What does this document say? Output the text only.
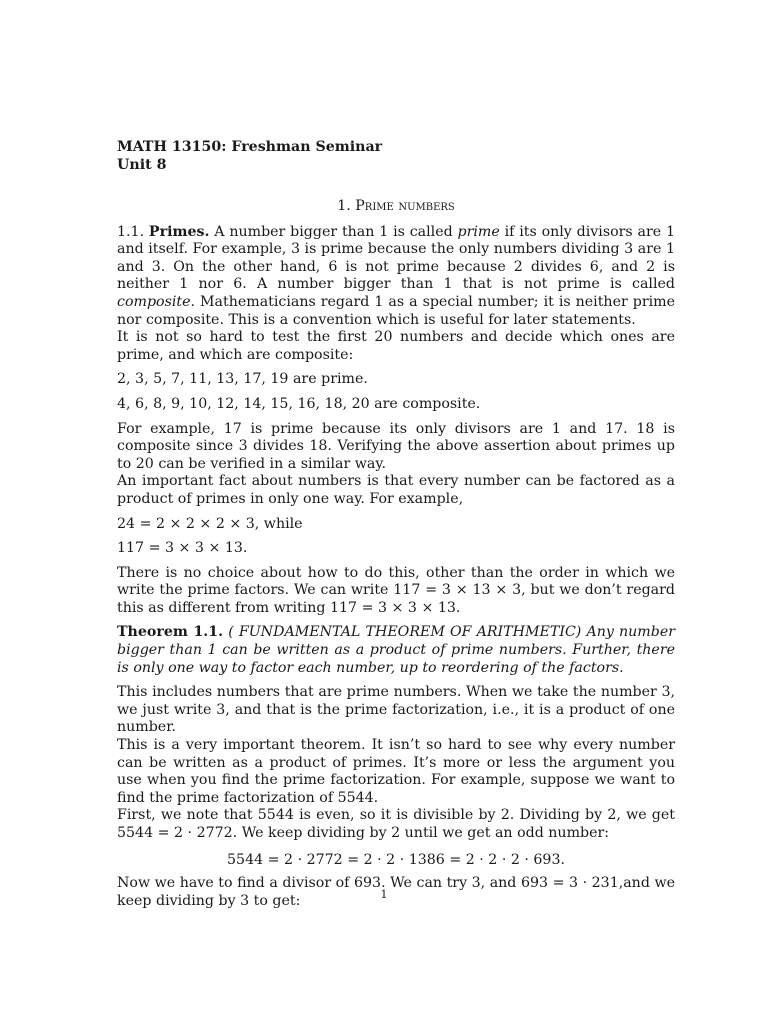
MATH 13150: Freshman Seminar
Unit 8
1. Prime numbers

1.1. Primes. A number bigger than 1 is called prime if its only divisors are 1 and itself. For example, 3 is prime because the only numbers dividing 3 are 1 and 3. On the other hand, 6 is not prime because 2 divides 6, and 2 is neither 1 nor 6. A number bigger than 1 that is not prime is called composite. Mathematicians regard 1 as a special number; it is neither prime nor composite. This is a convention which is useful for later statements.

It is not so hard to test the first 20 numbers and decide which ones are prime, and which are composite:

2, 3, 5, 7, 11, 13, 17, 19 are prime.
4, 6, 8, 9, 10, 12, 14, 15, 16, 18, 20 are composite.

For example, 17 is prime because its only divisors are 1 and 17. 18 is composite since 3 divides 18. Verifying the above assertion about primes up to 20 can be verified in a similar way.

An important fact about numbers is that every number can be factored as a product of primes in only one way. For example,

24 = 2 × 2 × 2 × 3, while
117 = 3 × 3 × 13.

There is no choice about how to do this, other than the order in which we write the prime factors. We can write 117 = 3 × 13 × 3, but we don’t regard this as different from writing 117 = 3 × 3 × 13.

Theorem 1.1. ( FUNDAMENTAL THEOREM OF ARITHMETIC) Any number bigger than 1 can be written as a product of prime numbers. Further, there is only one way to factor each number, up to reordering of the factors.

This includes numbers that are prime numbers. When we take the number 3, we just write 3, and that is the prime factorization, i.e., it is a product of one number.

This is a very important theorem. It isn’t so hard to see why every number can be written as a product of primes. It’s more or less the argument you use when you find the prime factorization. For example, suppose we want to find the prime factorization of 5544.

First, we note that 5544 is even, so it is divisible by 2. Dividing by 2, we get 5544 = 2 · 2772. We keep dividing by 2 until we get an odd number:

5544 = 2 · 2772 = 2 · 2 · 1386 = 2 · 2 · 2 · 693.

Now we have to find a divisor of 693. We can try 3, and 693 = 3 · 231,and we keep dividing by 3 to get:	1
